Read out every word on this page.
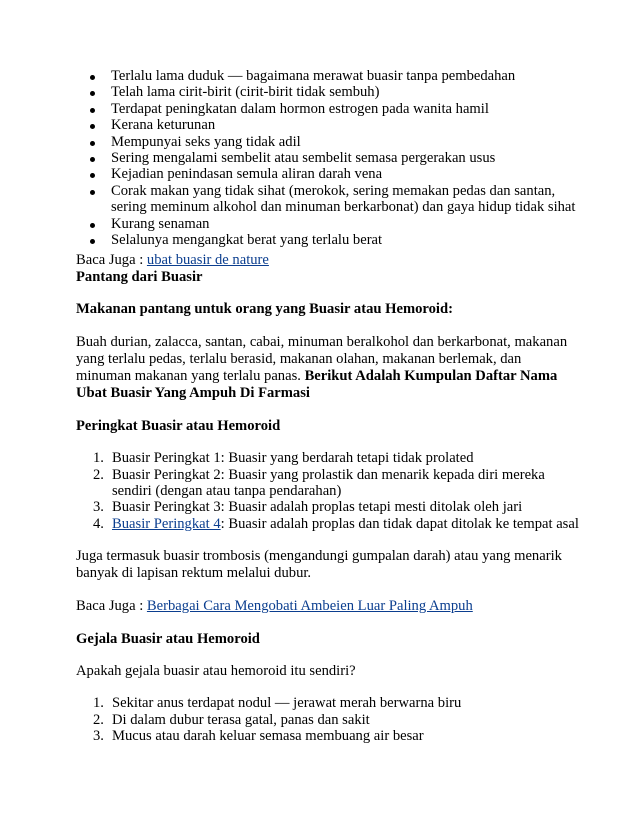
Terlalu lama duduk — bagaimana merawat buasir tanpa pembedahan
Telah lama cirit-birit (cirit-birit tidak sembuh)
Terdapat peningkatan dalam hormon estrogen pada wanita hamil
Kerana keturunan
Mempunyai seks yang tidak adil
Sering mengalami sembelit atau sembelit semasa pergerakan usus
Kejadian penindasan semula aliran darah vena
Corak makan yang tidak sihat (merokok, sering memakan pedas dan santan, sering meminum alkohol dan minuman berkarbonat) dan gaya hidup tidak sihat
Kurang senaman
Selalunya mengangkat berat yang terlalu berat

Baca Juga : ubat buasir de nature

Pantang dari Buasir

Makanan pantang untuk orang yang Buasir atau Hemoroid:

Buah durian, zalacca, santan, cabai, minuman beralkohol dan berkarbonat, makanan yang terlalu pedas, terlalu berasid, makanan olahan, makanan berlemak, dan minuman makanan yang terlalu panas. Berikut Adalah Kumpulan Daftar Nama Ubat Buasir Yang Ampuh Di Farmasi

Peringkat Buasir atau Hemoroid

1. Buasir Peringkat 1: Buasir yang berdarah tetapi tidak prolated
2. Buasir Peringkat 2: Buasir yang prolastik dan menarik kepada diri mereka sendiri (dengan atau tanpa pendarahan)
3. Buasir Peringkat 3: Buasir adalah proplas tetapi mesti ditolak oleh jari
4. Buasir Peringkat 4: Buasir adalah proplas dan tidak dapat ditolak ke tempat asal

Juga termasuk buasir trombosis (mengandungi gumpalan darah) atau yang menarik banyak di lapisan rektum melalui dubur.

Baca Juga : Berbagai Cara Mengobati Ambeien Luar Paling Ampuh

Gejala Buasir atau Hemoroid

Apakah gejala buasir atau hemoroid itu sendiri?

1. Sekitar anus terdapat nodul — jerawat merah berwarna biru
2. Di dalam dubur terasa gatal, panas dan sakit
3. Mucus atau darah keluar semasa membuang air besar
